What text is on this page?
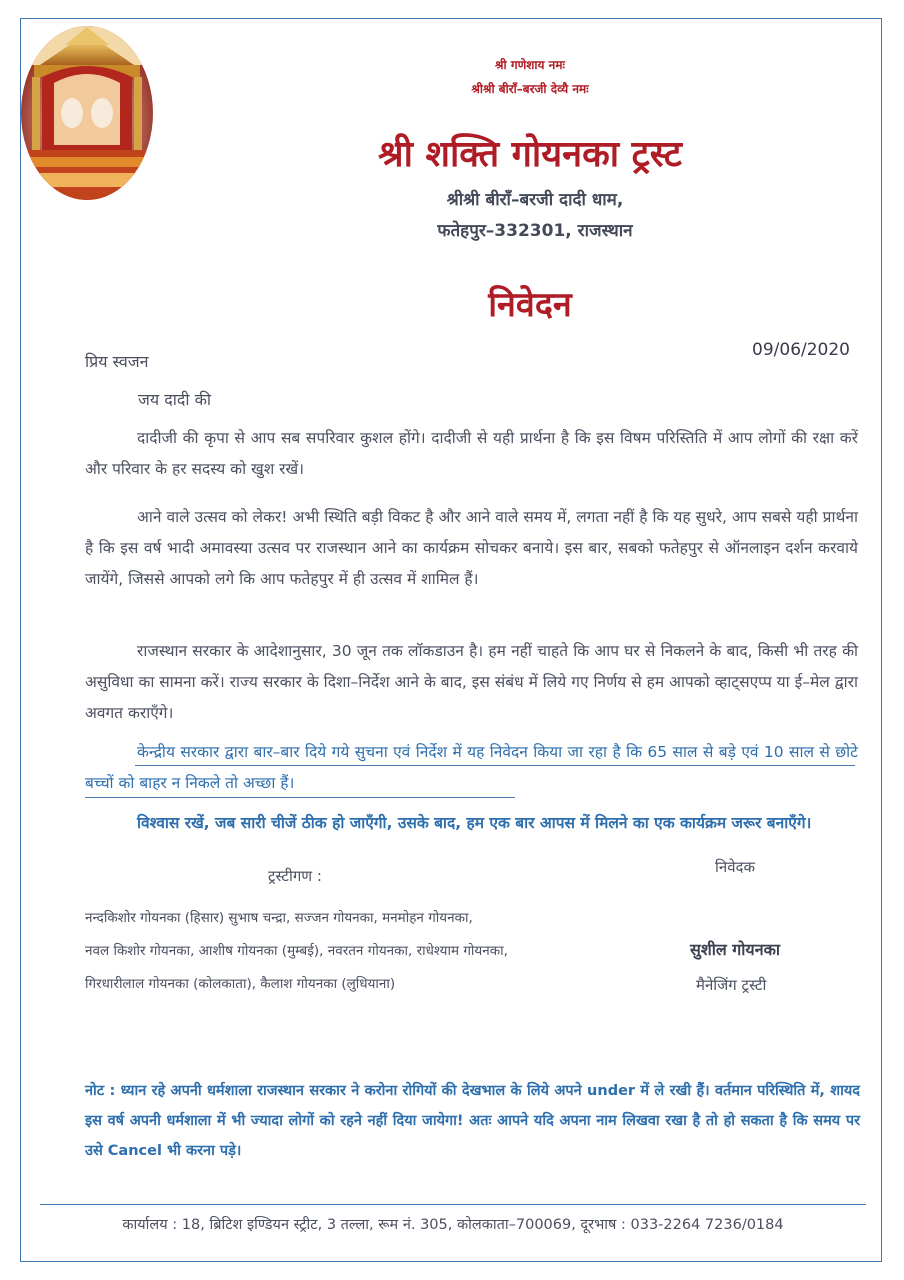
श्री गणेशाय नमः
श्रीश्री बीराँ–बरजी देव्यै नमः
श्री शक्ति गोयनका ट्रस्ट
श्रीश्री बीराँ–बरजी दादी धाम,
फतेहपुर–332301, राजस्थान
निवेदन
09/06/2020
प्रिय स्वजन
जय दादी की

दादीजी की कृपा से आप सब सपरिवार कुशल होंगे। दादीजी से यही प्रार्थना है कि इस विषम परिस्तिति में आप लोगों की रक्षा करें और परिवार के हर सदस्य को खुश रखें।

आने वाले उत्सव को लेकर! अभी स्थिति बड़ी विकट है और आने वाले समय में, लगता नहीं है कि यह सुधरे, आप सबसे यही प्रार्थना है कि इस वर्ष भादी अमावस्या उत्सव पर राजस्थान आने का कार्यक्रम सोचकर बनाये। इस बार, सबको फतेहपुर से ऑनलाइन दर्शन करवाये जायेंगे, जिससे आपको लगे कि आप फतेहपुर में ही उत्सव में शामिल हैं।

राजस्थान सरकार के आदेशानुसार, 30 जून तक लॉकडाउन है। हम नहीं चाहते कि आप घर से निकलने के बाद, किसी भी तरह की असुविधा का सामना करें। राज्य सरकार के दिशा–निर्देश आने के बाद, इस संबंध में लिये गए निर्णय से हम आपको व्हाट्सएप्प या ई–मेल द्वारा अवगत कराएँगे।

केन्द्रीय सरकार द्वारा बार–बार दिये गये सुचना एवं निर्देश में यह निवेदन किया जा रहा है कि 65 साल से बड़े एवं 10 साल से छोटे बच्चों को बाहर न निकले तो अच्छा हैं।

विश्वास रखें, जब सारी चीजें ठीक हो जाएँगी, उसके बाद, हम एक बार आपस में मिलने का एक कार्यक्रम जरूर बनाएँगे।

ट्रस्टीगण :	निवेदक
नन्दकिशोर गोयनका (हिसार) सुभाष चन्द्रा, सज्जन गोयनका, मनमोहन गोयनका,
नवल किशोर गोयनका, आशीष गोयनका (मुम्बई), नवरतन गोयनका, राधेश्याम गोयनका,
गिरधारीलाल गोयनका (कोलकाता), कैलाश गोयनका (लुधियाना)
सुशील गोयनका
मैनेजिंग ट्रस्टी

नोट : ध्यान रहे अपनी धर्मशाला राजस्थान सरकार ने करोना रोगियों की देखभाल के लिये अपने under में ले रखी हैं। वर्तमान परिस्थिति में, शायद इस वर्ष अपनी धर्मशाला में भी ज्यादा लोगों को रहने नहीं दिया जायेगा! अतः आपने यदि अपना नाम लिखवा रखा है तो हो सकता है कि समय पर उसे Cancel भी करना पड़े।

कार्यालय : 18, ब्रिटिश इण्डियन स्ट्रीट, 3 तल्ला, रूम नं. 305, कोलकाता–700069, दूरभाष : 033-2264 7236/0184
